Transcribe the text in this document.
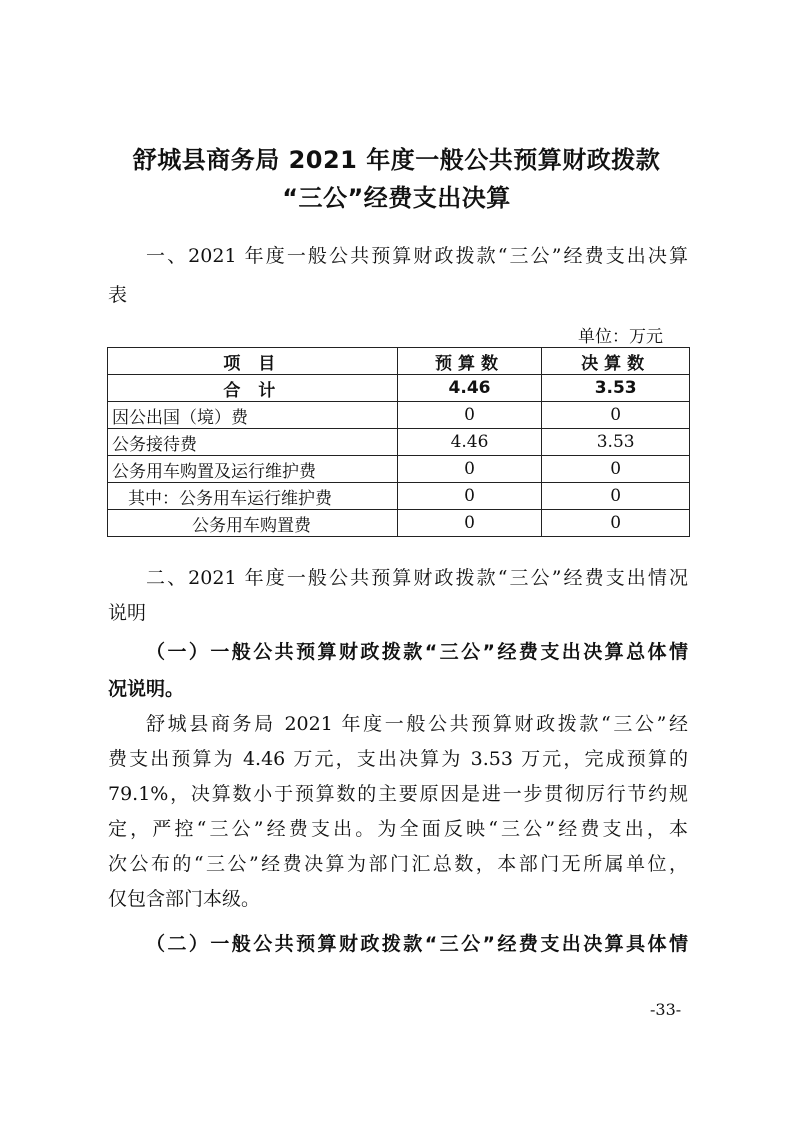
舒城县商务局 2021 年度一般公共预算财政拨款
“三公”经费支出决算
一、2021 年度一般公共预算财政拨款“三公”经费支出决算
表
单位：万元
项 目	预算数	决算数
合 计	4.46	3.53
因公出国（境）费	0	0
公务接待费	4.46	3.53
公务用车购置及运行维护费	0	0
其中：公务用车运行维护费	0	0
公务用车购置费	0	0
二、2021 年度一般公共预算财政拨款“三公”经费支出情况
说明
（一）一般公共预算财政拨款“三公”经费支出决算总体情
况说明。
舒城县商务局 2021 年度一般公共预算财政拨款“三公”经
费支出预算为 4.46 万元，支出决算为 3.53 万元，完成预算的
79.1%，决算数小于预算数的主要原因是进一步贯彻厉行节约规
定，严控“三公”经费支出。为全面反映“三公”经费支出，本
次公布的“三公”经费决算为部门汇总数，本部门无所属单位，
仅包含部门本级。
（二）一般公共预算财政拨款“三公”经费支出决算具体情
-33-
